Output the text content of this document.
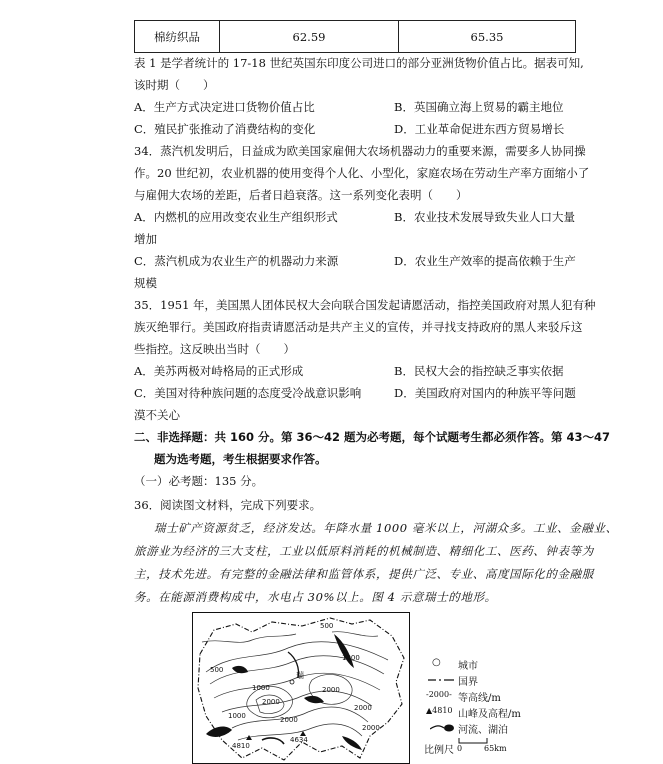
棉纺织品	62.59	65.35
表 1 是学者统计的 17-18 世纪英国东印度公司进口的部分亚洲货物价值占比。据表可知,
该时期（　　）
A．生产方式决定进口货物价值占比	B．英国确立海上贸易的霸主地位
C．殖民扩张推动了消费结构的变化	D．工业革命促进东西方贸易增长
34．蒸汽机发明后，日益成为欧美国家雇佣大农场机器动力的重要来源，需要多人协同操
作。20 世纪初，农业机器的使用变得个人化、小型化，家庭农场在劳动生产率方面缩小了
与雇佣大农场的差距，后者日趋衰落。这一系列变化表明（　　）
A．内燃机的应用改变农业生产组织形式	B．农业技术发展导致失业人口大量
增加
C．蒸汽机成为农业生产的机器动力来源	D．农业生产效率的提高依赖于生产
规模
35．1951 年，美国黑人团体民权大会向联合国发起请愿活动，指控美国政府对黑人犯有种
族灭绝罪行。美国政府指责请愿活动是共产主义的宣传，并寻找支持政府的黑人来驳斥这
些指控。这反映出当时（　　）
A．美苏两极对峙格局的正式形成	B．民权大会的指控缺乏事实依据
C．美国对待种族问题的态度受冷战意识影响	D．美国政府对国内的种族平等问题
漠不关心
二、非选择题：共 160 分。第 36～42 题为必考题，每个试题考生都必须作答。第 43～47
题为选考题，考生根据要求作答。
（一）必考题：135 分。
36．阅读图文材料，完成下列要求。
瑞士矿产资源贫乏，经济发达。年降水量 1000 毫米以上，河湖众多。工业、金融业、
旅游业为经济的三大支柱，工业以低原料消耗的机械制造、精细化工、医药、钟表等为
主，技术先进。有完整的金融法律和监管体系，提供广泛、专业、高度国际化的金融服
务。在能源消费构成中，水电占 30%以上。图 4 示意瑞士的地形。
500
1000
2000
1000
500
2000
1000	2000
4810
4634
2000
2000
瑞
○ 城市
国界
-2000- 等高线/m
▲4810 山峰及高程/m
河流、湖泊
比例尺 0	65km
